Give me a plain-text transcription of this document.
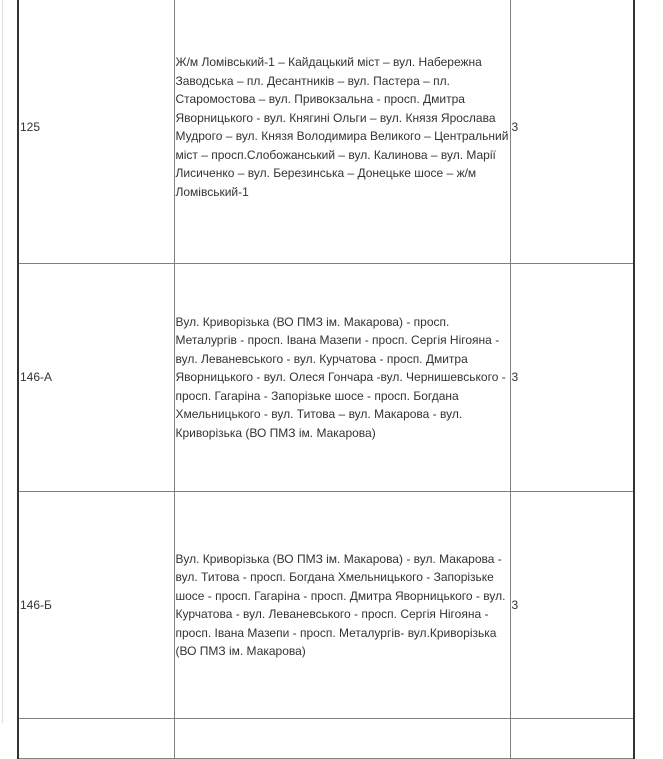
125	Ж/м Ломівський-1 – Кайдацький міст – вул. Набережна Заводська – пл. Десантників – вул. Пастера – пл. Старомостова – вул. Привокзальна - просп. Дмитра Яворницького - вул. Княгині Ольги – вул. Князя Ярослава Мудрого – вул. Князя Володимира Великого – Центральний міст – просп.Слобожанський – вул. Калинова – вул. Марії Лисиченко – вул. Березинська – Донецьке шосе – ж/м Ломівський-1	3
146-А	Вул. Криворізька (ВО ПМЗ ім. Макарова) - просп. Металургів - просп. Івана Мазепи - просп. Сергія Нігояна - вул. Леваневського - вул. Курчатова - просп. Дмитра Яворницького - вул. Олеся Гончара -вул. Чернишевського - просп. Гагаріна - Запорізьке шосе - просп. Богдана Хмельницького - вул. Титова – вул. Макарова - вул. Криворізька (ВО ПМЗ ім. Макарова)	3
146-Б	Вул. Криворізька (ВО ПМЗ ім. Макарова) - вул. Макарова - вул. Титова - просп. Богдана Хмельницького - Запорізьке шосе - просп. Гагаріна - просп. Дмитра Яворницького - вул. Курчатова - вул. Леваневського - просп. Сергія Нігояна - просп. Івана Мазепи - просп. Металургів- вул.Криворізька (ВО ПМЗ ім. Макарова)	3
